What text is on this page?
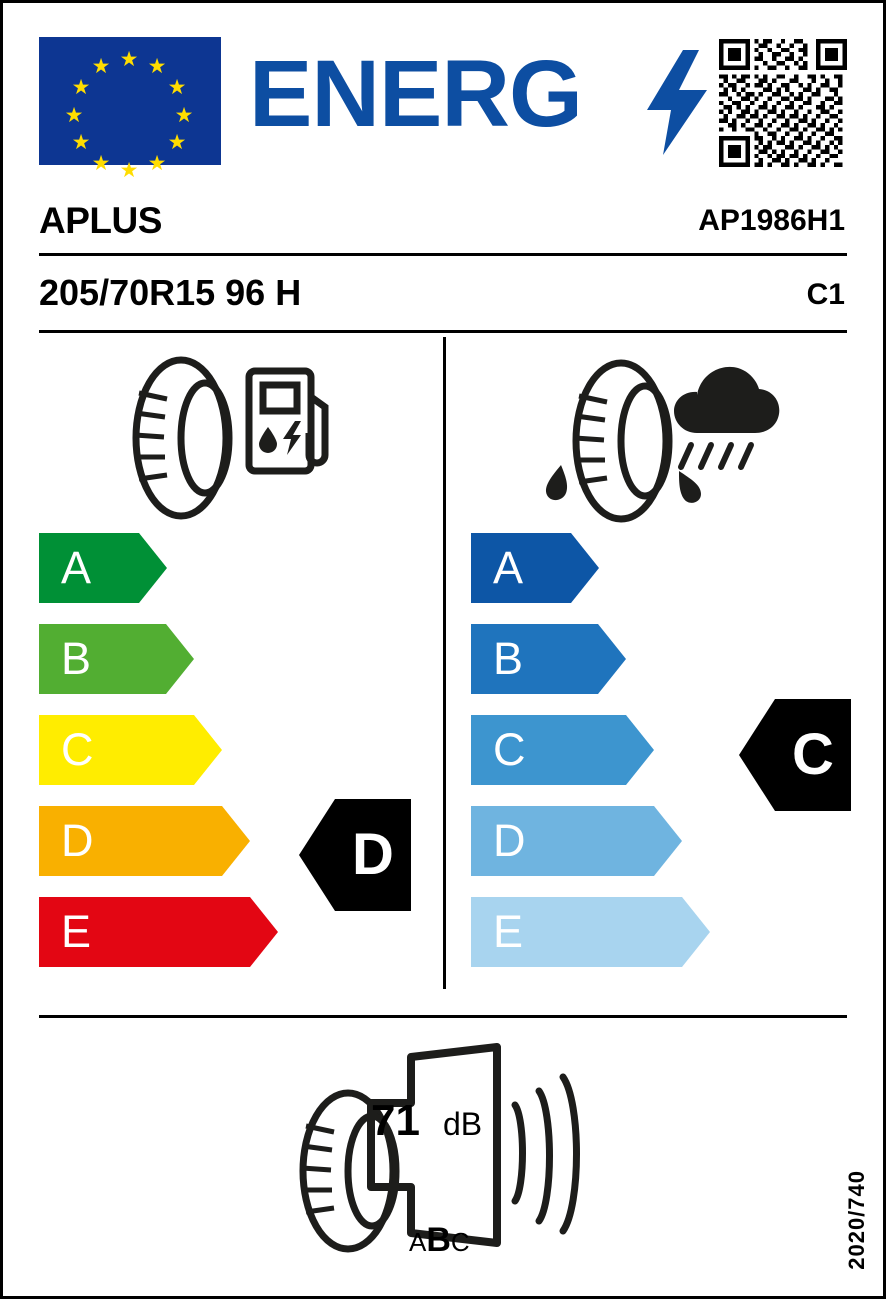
★ ★
★
★
★
★
★
★
★
★
★
★ ENERG
APLUS	AP1986H1
205/70R15 96 H	C1
A
B
C
D
E
A
B
C
D
E
D
C
71 dB
ABC	2020/740
